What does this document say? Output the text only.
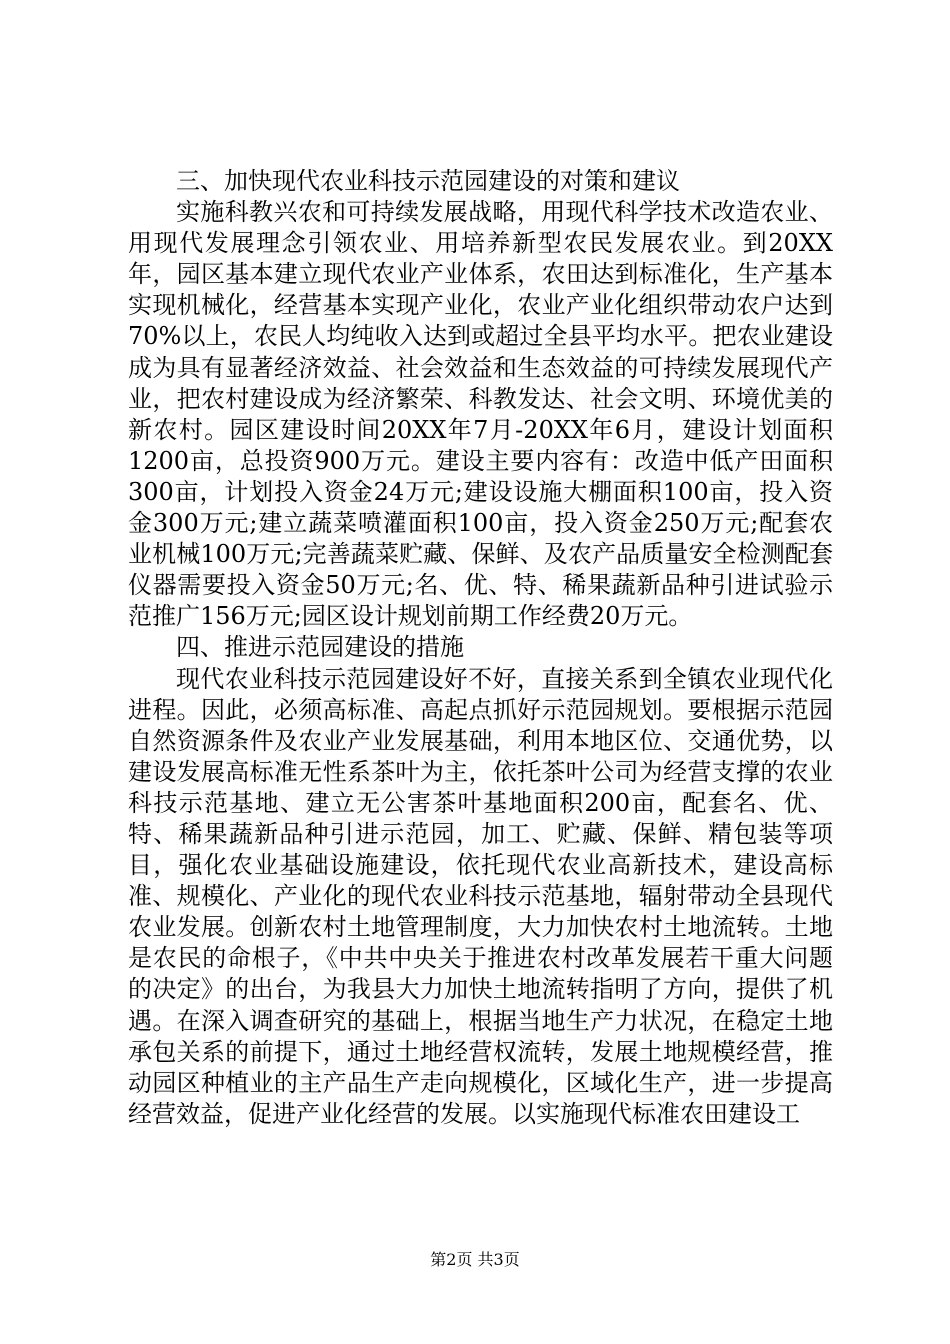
三、加快现代农业科技示范园建设的对策和建议

实施科教兴农和可持续发展战略，用现代科学技术改造农业、用现代发展理念引领农业、用培养新型农民发展农业。到20XX年，园区基本建立现代农业产业体系，农田达到标准化，生产基本实现机械化，经营基本实现产业化，农业产业化组织带动农户达到70%以上，农民人均纯收入达到或超过全县平均水平。把农业建设成为具有显著经济效益、社会效益和生态效益的可持续发展现代产业，把农村建设成为经济繁荣、科教发达、社会文明、环境优美的新农村。园区建设时间20XX年7月-20XX年6月，建设计划面积1200亩，总投资900万元。建设主要内容有：改造中低产田面积300亩，计划投入资金24万元;建设设施大棚面积100亩，投入资金300万元;建立蔬菜喷灌面积100亩，投入资金250万元;配套农业机械100万元;完善蔬菜贮藏、保鲜、及农产品质量安全检测配套仪器需要投入资金50万元;名、优、特、稀果蔬新品种引进试验示范推广156万元;园区设计规划前期工作经费20万元。

四、推进示范园建设的措施

现代农业科技示范园建设好不好，直接关系到全镇农业现代化进程。因此，必须高标准、高起点抓好示范园规划。要根据示范园自然资源条件及农业产业发展基础，利用本地区位、交通优势，以建设发展高标准无性系茶叶为主，依托茶叶公司为经营支撑的农业科技示范基地、建立无公害茶叶基地面积200亩，配套名、优、特、稀果蔬新品种引进示范园，加工、贮藏、保鲜、精包装等项目，强化农业基础设施建设，依托现代农业高新技术，建设高标准、规模化、产业化的现代农业科技示范基地，辐射带动全县现代农业发展。创新农村土地管理制度，大力加快农村土地流转。土地是农民的命根子，《中共中央关于推进农村改革发展若干重大问题的决定》的出台，为我县大力加快土地流转指明了方向，提供了机遇。在深入调查研究的基础上，根据当地生产力状况，在稳定土地承包关系的前提下，通过土地经营权流转，发展土地规模经营，推动园区种植业的主产品生产走向规模化，区域化生产，进一步提高经营效益，促进产业化经营的发展。以实施现代标准农田建设工

第2页 共3页
